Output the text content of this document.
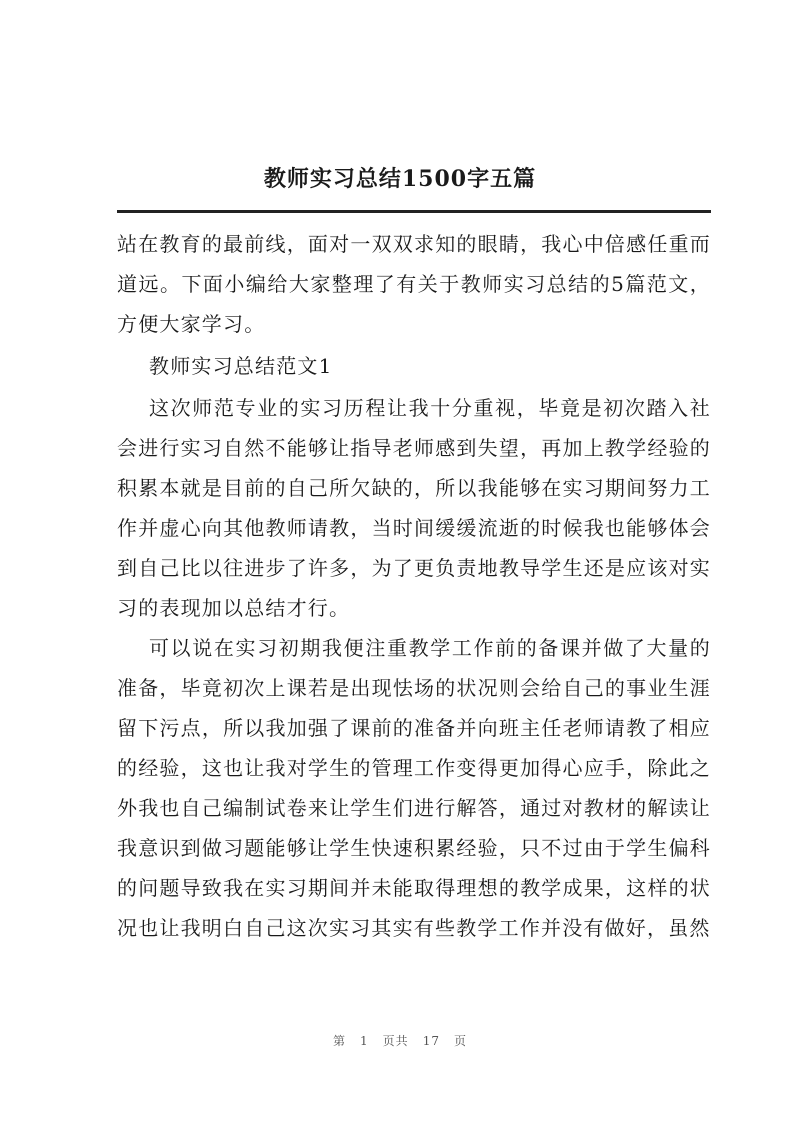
教师实习总结1500字五篇

站在教育的最前线，面对一双双求知的眼睛，我心中倍感任重而道远。下面小编给大家整理了有关于教师实习总结的5篇范文，方便大家学习。

教师实习总结范文1

这次师范专业的实习历程让我十分重视，毕竟是初次踏入社会进行实习自然不能够让指导老师感到失望，再加上教学经验的积累本就是目前的自己所欠缺的，所以我能够在实习期间努力工作并虚心向其他教师请教，当时间缓缓流逝的时候我也能够体会到自己比以往进步了许多，为了更负责地教导学生还是应该对实习的表现加以总结才行。

可以说在实习初期我便注重教学工作前的备课并做了大量的准备，毕竟初次上课若是出现怯场的状况则会给自己的事业生涯留下污点，所以我加强了课前的准备并向班主任老师请教了相应的经验，这也让我对学生的管理工作变得更加得心应手，除此之外我也自己编制试卷来让学生们进行解答，通过对教材的解读让我意识到做习题能够让学生快速积累经验，只不过由于学生偏科的问题导致我在实习期间并未能取得理想的教学成果，这样的状况也让我明白自己这次实习其实有些教学工作并没有做好，虽然

第 1 页共 17 页
